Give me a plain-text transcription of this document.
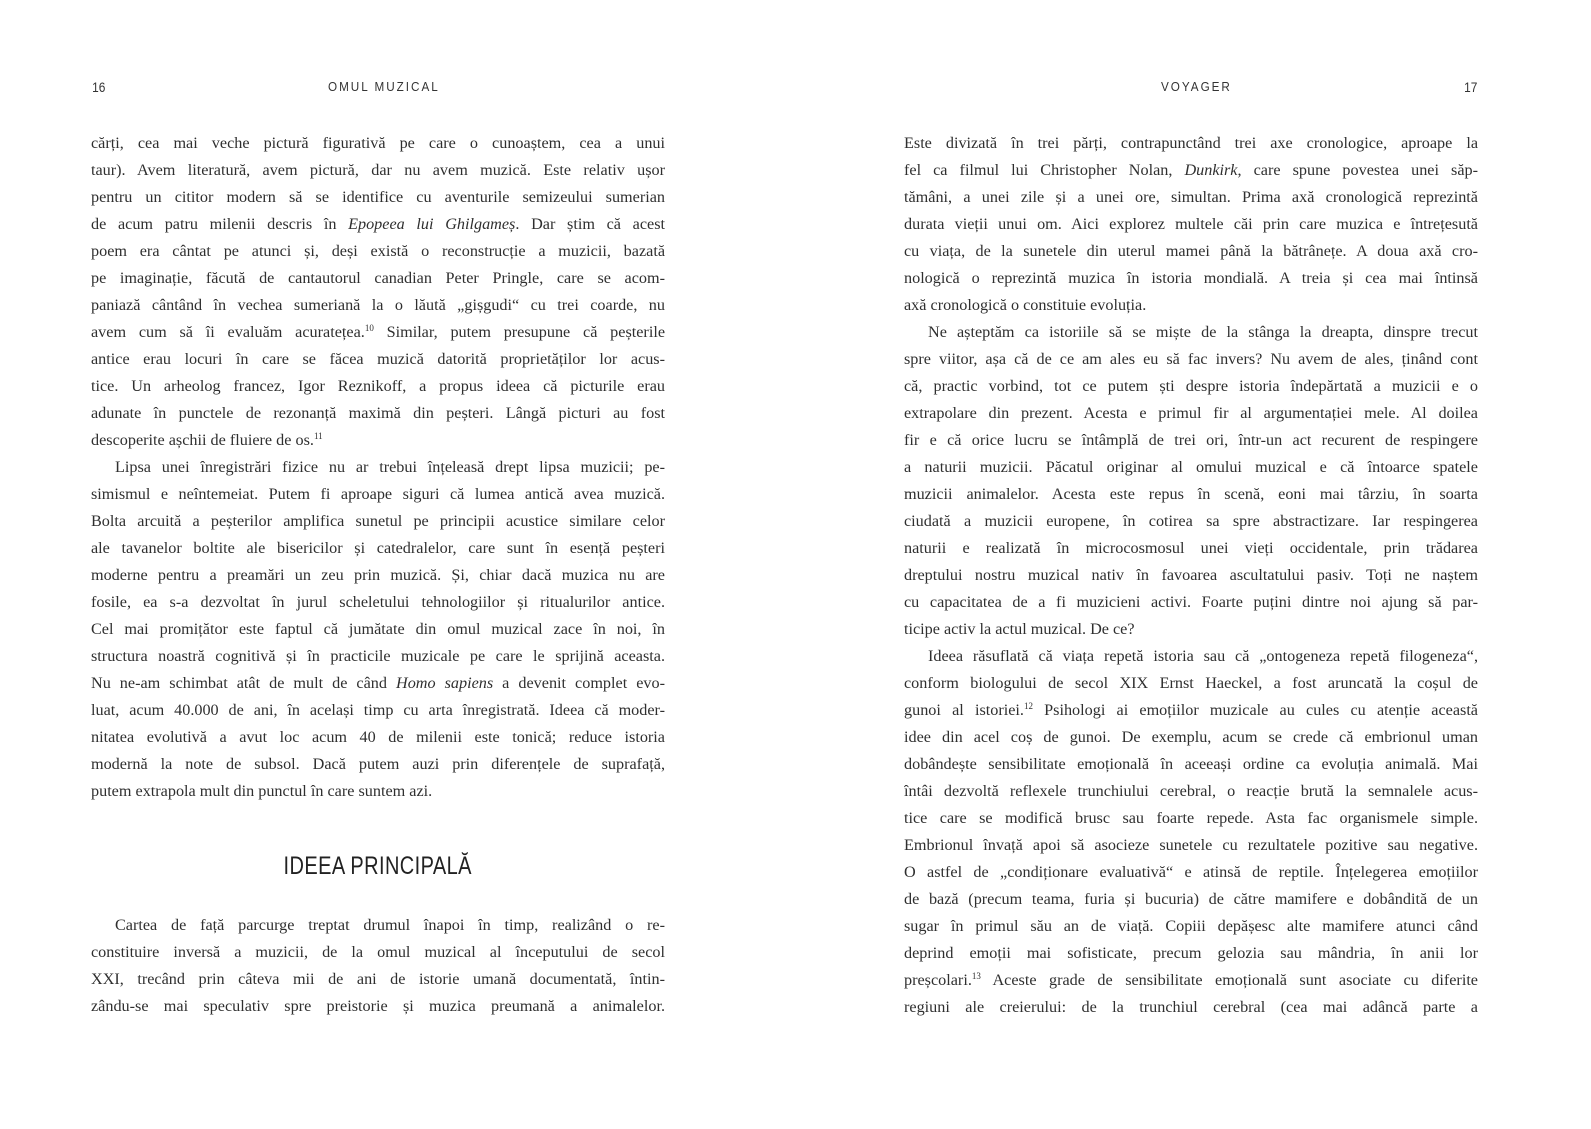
16	OMUL MUZICAL
cărți, cea mai veche pictură figurativă pe care o cunoaștem, cea a unui
taur). Avem literatură, avem pictură, dar nu avem muzică. Este relativ ușor
pentru un cititor modern să se identifice cu aventurile semizeului sumerian
de acum patru milenii descris în Epopeea lui Ghilgameș. Dar știm că acest
poem era cântat pe atunci și, deși există o reconstrucție a muzicii, bazată
pe imaginație, făcută de cantautorul canadian Peter Pringle, care se acom-
paniază cântând în vechea sumeriană la o lăută „gișgudi“ cu trei coarde, nu
avem cum să îi evaluăm acuratețea.$^{10}$ Similar, putem presupune că peșterile
antice erau locuri în care se făcea muzică datorită proprietăților lor acus-
tice. Un arheolog francez, Igor Reznikoff, a propus ideea că picturile erau
adunate în punctele de rezonanță maximă din peșteri. Lângă picturi au fost
descoperite așchii de fluiere de os.$^{11}$
Lipsa unei înregistrări fizice nu ar trebui înțeleasă drept lipsa muzicii; pe-
simismul e neîntemeiat. Putem fi aproape siguri că lumea antică avea muzică.
Bolta arcuită a peșterilor amplifica sunetul pe principii acustice similare celor
ale tavanelor boltite ale bisericilor și catedralelor, care sunt în esență peșteri
moderne pentru a preamări un zeu prin muzică. Și, chiar dacă muzica nu are
fosile, ea s-a dezvoltat în jurul scheletului tehnologiilor și ritualurilor antice.
Cel mai promițător este faptul că jumătate din omul muzical zace în noi, în
structura noastră cognitivă și în practicile muzicale pe care le sprijină aceasta.
Nu ne-am schimbat atât de mult de când Homo sapiens a devenit complet evo-
luat, acum 40.000 de ani, în același timp cu arta înregistrată. Ideea că moder-
nitatea evolutivă a avut loc acum 40 de milenii este tonică; reduce istoria
modernă la note de subsol. Dacă putem auzi prin diferențele de suprafață,
putem extrapola mult din punctul în care suntem azi.
IDEEA PRINCIPALĂ
Cartea de față parcurge treptat drumul înapoi în timp, realizând o re-
constituire inversă a muzicii, de la omul muzical al începutului de secol
XXI, trecând prin câteva mii de ani de istorie umană documentată, întin-
zându-se mai speculativ spre preistorie și muzica preumană a animalelor.
VOYAGER	17
Este divizată în trei părți, contrapunctând trei axe cronologice, aproape la
fel ca filmul lui Christopher Nolan, Dunkirk, care spune povestea unei săp-
tămâni, a unei zile și a unei ore, simultan. Prima axă cronologică reprezintă
durata vieții unui om. Aici explorez multele căi prin care muzica e întrețesută
cu viața, de la sunetele din uterul mamei până la bătrânețe. A doua axă cro-
nologică o reprezintă muzica în istoria mondială. A treia și cea mai întinsă
axă cronologică o constituie evoluția.
Ne așteptăm ca istoriile să se miște de la stânga la dreapta, dinspre trecut
spre viitor, așa că de ce am ales eu să fac invers? Nu avem de ales, ținând cont
că, practic vorbind, tot ce putem ști despre istoria îndepărtată a muzicii e o
extrapolare din prezent. Acesta e primul fir al argumentației mele. Al doilea
fir e că orice lucru se întâmplă de trei ori, într-un act recurent de respingere
a naturii muzicii. Păcatul originar al omului muzical e că întoarce spatele
muzicii animalelor. Acesta este repus în scenă, eoni mai târziu, în soarta
ciudată a muzicii europene, în cotirea sa spre abstractizare. Iar respingerea
naturii e realizată în microcosmosul unei vieți occidentale, prin trădarea
dreptului nostru muzical nativ în favoarea ascultatului pasiv. Toți ne naștem
cu capacitatea de a fi muzicieni activi. Foarte puțini dintre noi ajung să par-
ticipe activ la actul muzical. De ce?
Ideea răsuflată că viața repetă istoria sau că „ontogeneza repetă filogeneza“,
conform biologului de secol XIX Ernst Haeckel, a fost aruncată la coșul de
gunoi al istoriei.$^{12}$ Psihologi ai emoțiilor muzicale au cules cu atenție această
idee din acel coș de gunoi. De exemplu, acum se crede că embrionul uman
dobândește sensibilitate emoțională în aceeași ordine ca evoluția animală. Mai
întâi dezvoltă reflexele trunchiului cerebral, o reacție brută la semnalele acus-
tice care se modifică brusc sau foarte repede. Asta fac organismele simple.
Embrionul învață apoi să asocieze sunetele cu rezultatele pozitive sau negative.
O astfel de „condiționare evaluativă“ e atinsă de reptile. Înțelegerea emoțiilor
de bază (precum teama, furia și bucuria) de către mamifere e dobândită de un
sugar în primul său an de viață. Copiii depășesc alte mamifere atunci când
deprind emoții mai sofisticate, precum gelozia sau mândria, în anii lor
preșcolari.$^{13}$ Aceste grade de sensibilitate emoțională sunt asociate cu diferite
regiuni ale creierului: de la trunchiul cerebral (cea mai adâncă parte a
